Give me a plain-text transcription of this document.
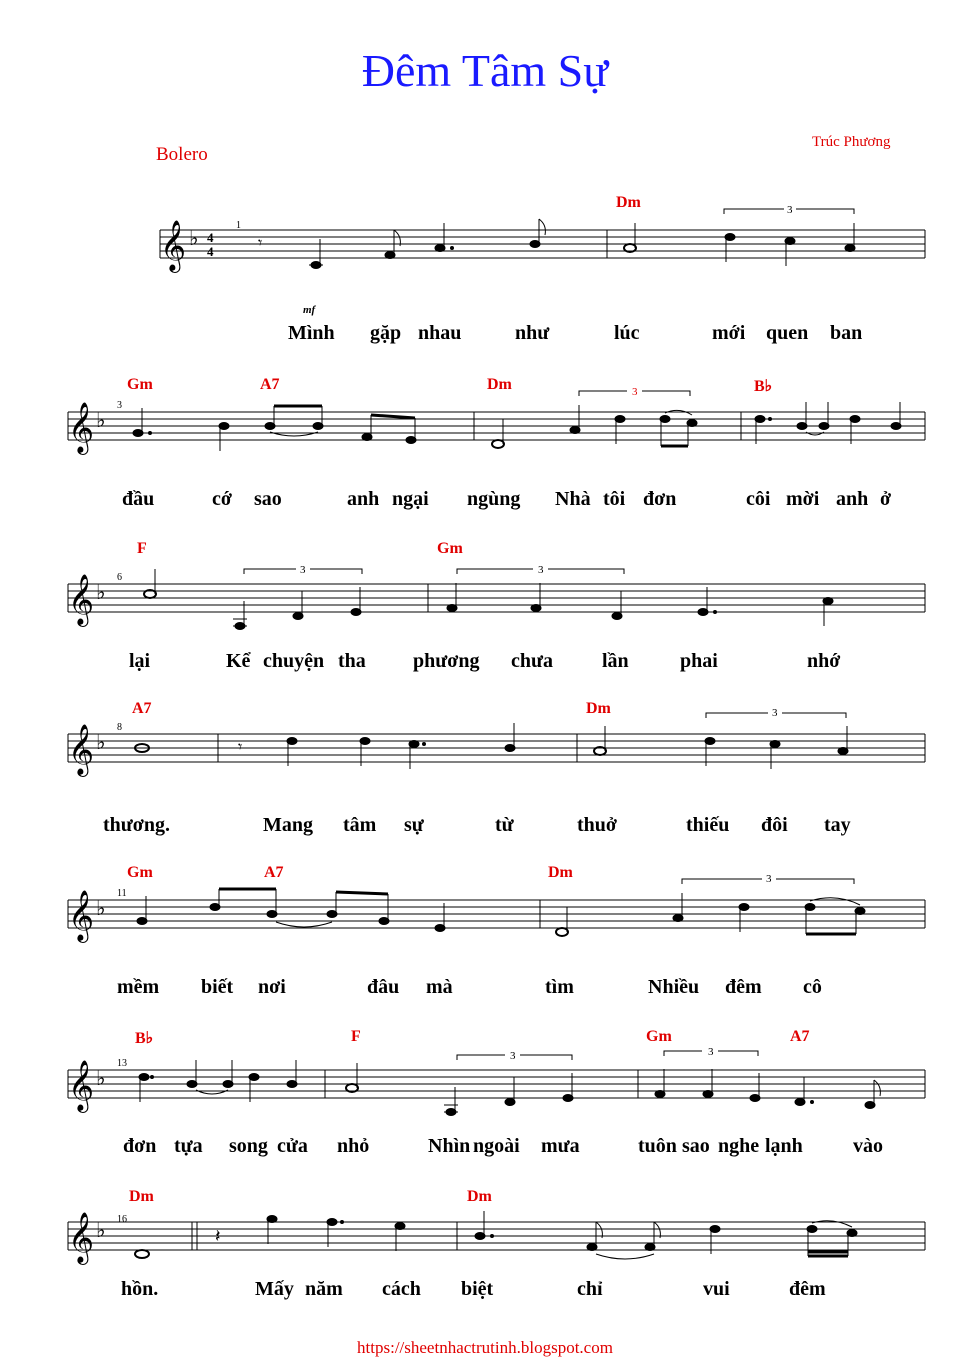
Đêm Tâm Sự
Bolero
Trúc Phương
Dm
1
mf
Mình gặp nhau	như	lúc	mới quen ban
𝄞 ♭ 4
4	𝄾
3
Gm	A7	Dm	B♭
3
đầu	cớ sao	anh ngại ngùng Nhà tôi đơn	côi mời anh ở
𝄞 ♭
3
F	Gm
6
lại	Kể chuyện tha phương chưa lần	phai	nhớ
𝄞 ♭
3	3
A7	Dm
8
thương.	Mang tâm sự	từ	thuở	thiếu đôi tay
𝄞 ♭	𝄾
3
Gm	A7	Dm
11
mềm biết nơi	đâu mà	tìm	Nhiều đêm cô
𝄞 ♭
3
B♭	F	Gm	A7
13
đơn tựa song cửa nhỏ	Nhìn ngoài mưa	tuôn sao nghe lạnh	vào
𝄞 ♭
3	3
Dm	Dm
16
hồn.	Mấy năm cách biệt	chỉ	vui	đêm
𝄞 ♭	𝄽
https://sheetnhactrutinh.blogspot.com
